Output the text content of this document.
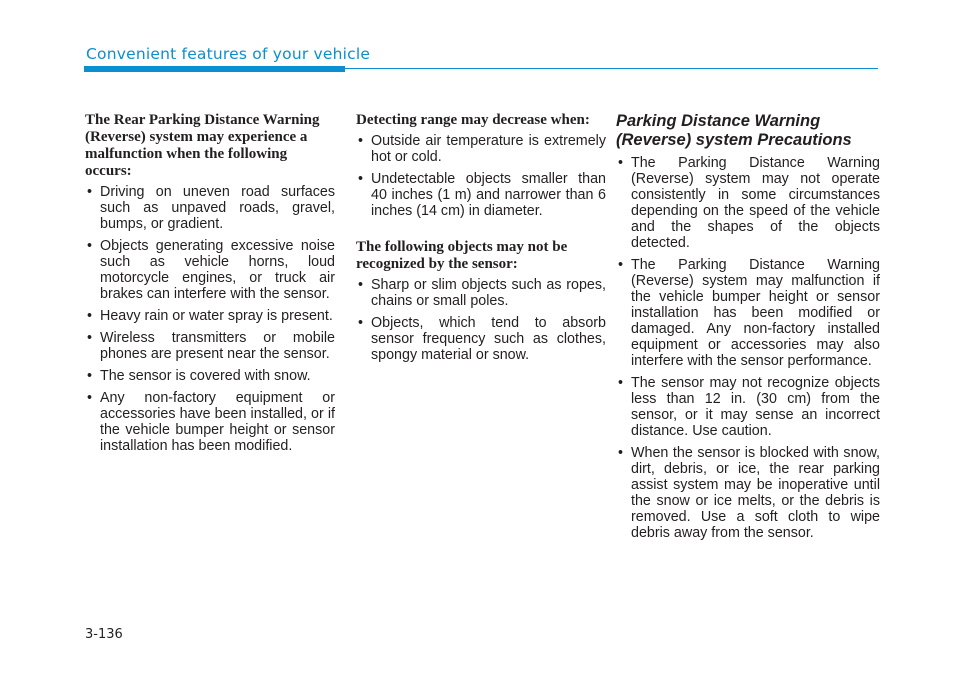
Convenient features of your vehicle

The Rear Parking Distance Warning (Reverse) system may experience a malfunction when the following occurs:

• Driving on uneven road surfaces such as unpaved roads, gravel, bumps, or gradient.
• Objects generating excessive noise such as vehicle horns, loud motorcycle engines, or truck air brakes can interfere with the sensor.
• Heavy rain or water spray is present.
• Wireless transmitters or mobile phones are present near the sensor.
• The sensor is covered with snow.
• Any non-factory equipment or accessories have been installed, or if the vehicle bumper height or sensor installation has been modified.

Detecting range may decrease when:

• Outside air temperature is extremely hot or cold.
• Undetectable objects smaller than 40 inches (1 m) and narrower than 6 inches (14 cm) in diameter.

The following objects may not be recognized by the sensor:

• Sharp or slim objects such as ropes, chains or small poles.
• Objects, which tend to absorb sensor frequency such as clothes, spongy material or snow.

Parking Distance Warning (Reverse) system Precautions

• The Parking Distance Warning (Reverse) system may not operate consistently in some circumstances depending on the speed of the vehicle and the shapes of the objects detected.
• The Parking Distance Warning (Reverse) system may malfunction if the vehicle bumper height or sensor installation has been modified or damaged. Any non-factory installed equipment or accessories may also interfere with the sensor performance.
• The sensor may not recognize objects less than 12 in. (30 cm) from the sensor, or it may sense an incorrect distance. Use caution.
• When the sensor is blocked with snow, dirt, debris, or ice, the rear parking assist system may be inoperative until the snow or ice melts, or the debris is removed. Use a soft cloth to wipe debris away from the sensor.
3-136
